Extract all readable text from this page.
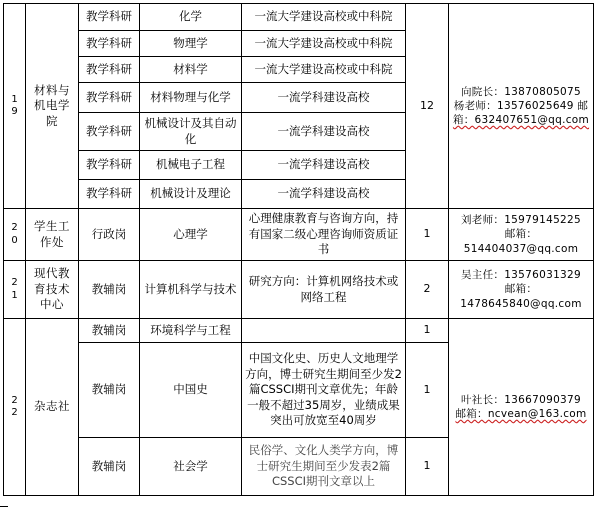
1
9	材料与
机电学
院	教学科研	化学	一流大学建设高校或中科院	12	向院长：13870805075
杨老师：13576025649 邮
箱：632407651@qq.com

		教学科研	物理学	一流大学建设高校或中科院		
		教学科研	材料学	一流大学建设高校或中科院		
		教学科研	材料物理与化学	一流学科建设高校		
		教学科研	机械设计及其自动化	一流学科建设高校		
		教学科研	机械电子工程	一流学科建设高校		
		教学科研	机械设计及理论	一流学科建设高校		

2
0	学生工
作处	行政岗	心理学	心理健康教育与咨询方向，持有国家二级心理咨询师资质证书	1	刘老师：15979145225
邮箱：514404037@qq.com

2
1	现代教
育技术
中心	教辅岗	计算机科学与技术	研究方向：计算机网络技术或网络工程	2	吴主任：13576031329
邮箱：1478645840@qq.com

2
2	杂志社	教辅岗	环境科学与工程		1	叶社长：13667090379
邮箱：ncvean@163.com

		教辅岗	中国史	中国文化史、历史人文地理学方向，博士研究生期间至少发2篇CSSCI期刊文章优先；年龄一般不超过35周岁，业绩成果突出可放宽至40周岁	1	
		教辅岗	社会学	民俗学、文化人类学方向，博士研究生期间至少发表2篇CSSCI期刊文章以上	1	
